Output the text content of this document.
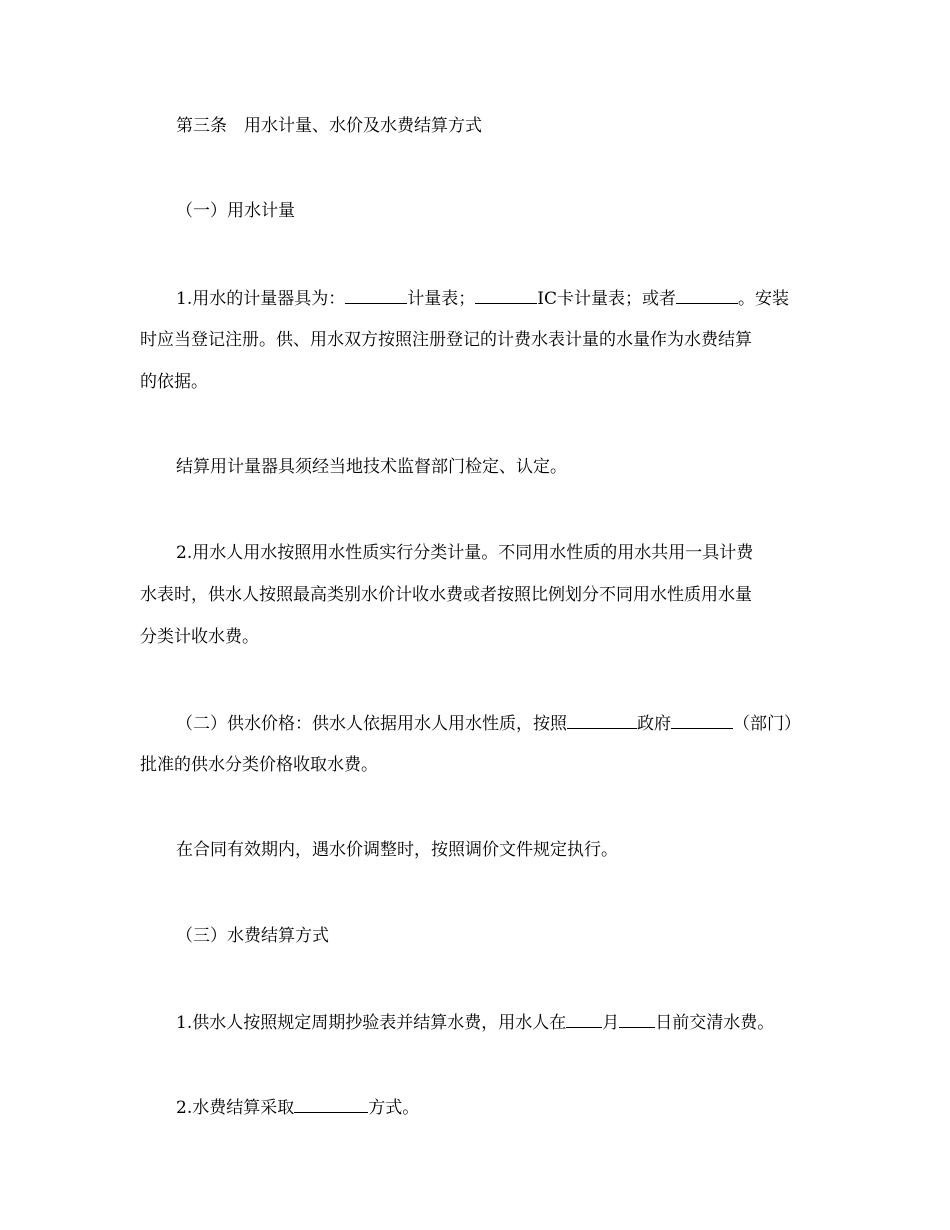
第三条　用水计量、水价及水费结算方式
（一）用水计量
1.用水的计量器具为：	计量表；	IC卡计量表；或者	。安装
时应当登记注册。供、用水双方按照注册登记的计费水表计量的水量作为水费结算
的依据。
结算用计量器具须经当地技术监督部门检定、认定。
2.用水人用水按照用水性质实行分类计量。不同用水性质的用水共用一具计费
水表时，供水人按照最高类别水价计收水费或者按照比例划分不同用水性质用水量
分类计收水费。
（二）供水价格：供水人依据用水人用水性质，按照	政府	（部门）
批准的供水分类价格收取水费。
在合同有效期内，遇水价调整时，按照调价文件规定执行。
（三）水费结算方式
1.供水人按照规定周期抄验表并结算水费，用水人在 月 日前交清水费。
2.水费结算采取	方式。
